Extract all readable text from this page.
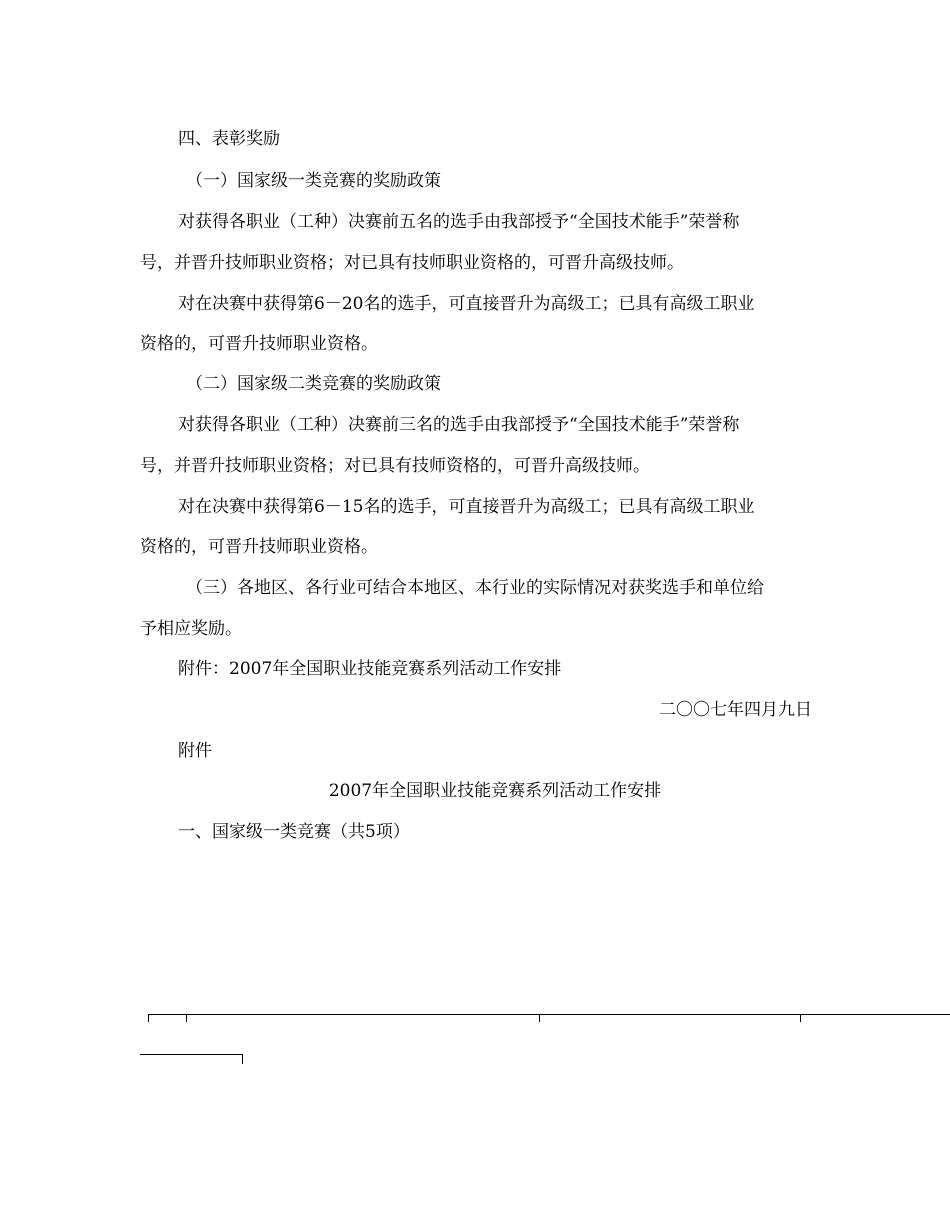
四、表彰奖励

（一）国家级一类竞赛的奖励政策

对获得各职业（工种）决赛前五名的选手由我部授予“全国技术能手”荣誉称

号，并晋升技师职业资格；对已具有技师职业资格的，可晋升高级技师。

对在决赛中获得第6－20名的选手，可直接晋升为高级工；已具有高级工职业

资格的，可晋升技师职业资格。

（二）国家级二类竞赛的奖励政策

对获得各职业（工种）决赛前三名的选手由我部授予“全国技术能手”荣誉称

号，并晋升技师职业资格；对已具有技师资格的，可晋升高级技师。

对在决赛中获得第6－15名的选手，可直接晋升为高级工；已具有高级工职业

资格的，可晋升技师职业资格。

（三）各地区、各行业可结合本地区、本行业的实际情况对获奖选手和单位给

予相应奖励。

附件：2007年全国职业技能竞赛系列活动工作安排

二〇〇七年四月九日

附件

2007年全国职业技能竞赛系列活动工作安排

一、国家级一类竞赛（共5项）
